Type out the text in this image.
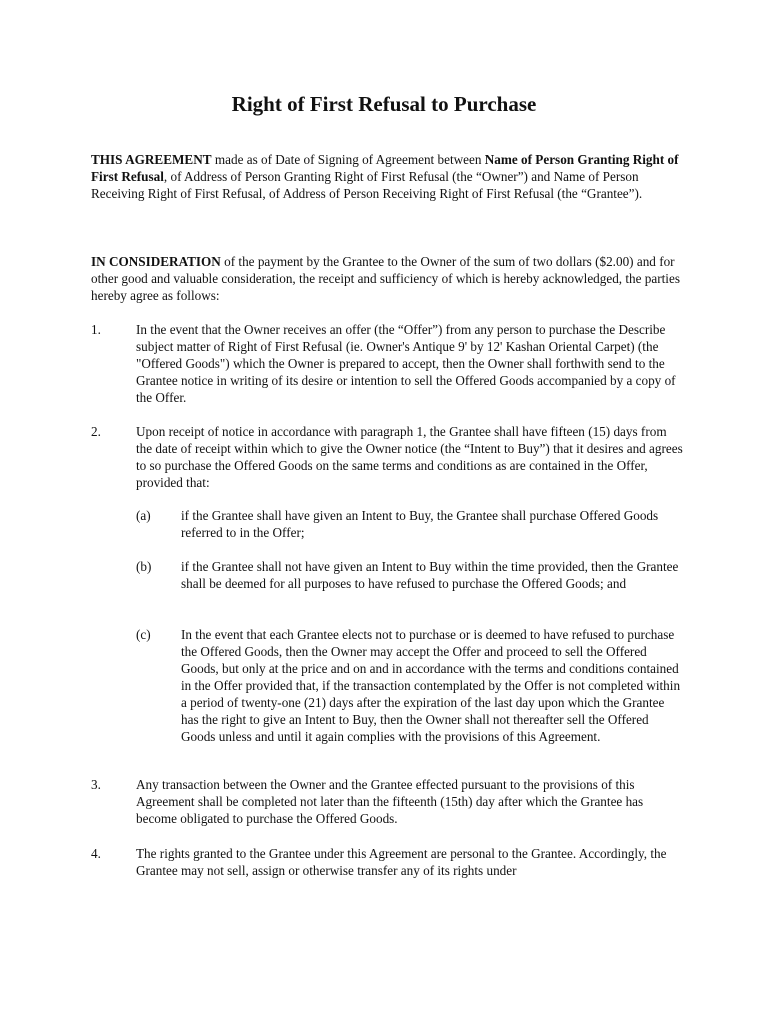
Right of First Refusal to Purchase

THIS AGREEMENT made as of Date of Signing of Agreement between Name of Person Granting Right of First Refusal, of Address of Person Granting Right of First Refusal (the “Owner”) and Name of Person Receiving Right of First Refusal, of Address of Person Receiving Right of First Refusal (the “Grantee”).

IN CONSIDERATION of the payment by the Grantee to the Owner of the sum of two dollars ($2.00) and for other good and valuable consideration, the receipt and sufficiency of which is hereby acknowledged, the parties hereby agree as follows:

1.	In the event that the Owner receives an offer (the “Offer”) from any person to purchase the Describe subject matter of Right of First Refusal (ie. Owner's Antique 9' by 12' Kashan Oriental Carpet) (the "Offered Goods") which the Owner is prepared to accept, then the Owner shall forthwith send to the Grantee notice in writing of its desire or intention to sell the Offered Goods accompanied by a copy of the Offer.
2.	Upon receipt of notice in accordance with paragraph 1, the Grantee shall have fifteen (15) days from the date of receipt within which to give the Owner notice (the “Intent to Buy”) that it desires and agrees to so purchase the Offered Goods on the same terms and conditions as are contained in the Offer, provided that:
(a) if the Grantee shall have given an Intent to Buy, the Grantee shall purchase Offered Goods referred to in the Offer;
(b) if the Grantee shall not have given an Intent to Buy within the time provided, then the Grantee shall be deemed for all purposes to have refused to purchase the Offered Goods; and
(c) In the event that each Grantee elects not to purchase or is deemed to have refused to purchase the Offered Goods, then the Owner may accept the Offer and proceed to sell the Offered Goods, but only at the price and on and in accordance with the terms and conditions contained in the Offer provided that, if the transaction contemplated by the Offer is not completed within a period of twenty-one (21) days after the expiration of the last day upon which the Grantee has the right to give an Intent to Buy, then the Owner shall not thereafter sell the Offered Goods unless and until it again complies with the provisions of this Agreement.
3.	Any transaction between the Owner and the Grantee effected pursuant to the provisions of this Agreement shall be completed not later than the fifteenth (15th) day after which the Grantee has become obligated to purchase the Offered Goods.
4.	The rights granted to the Grantee under this Agreement are personal to the Grantee. Accordingly, the Grantee may not sell, assign or otherwise transfer any of its rights under
